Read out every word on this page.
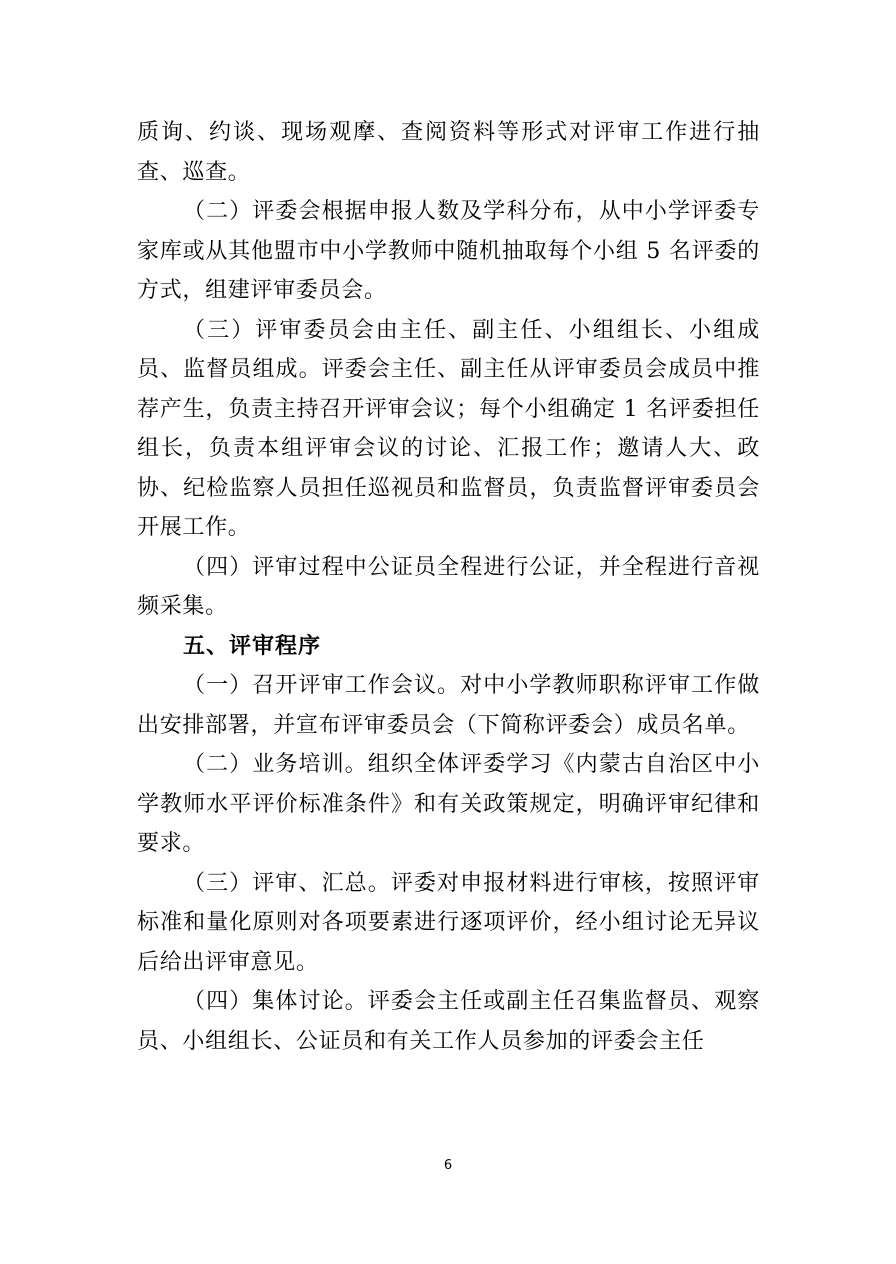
质询、约谈、现场观摩、查阅资料等形式对评审工作进行抽查、巡查。

（二）评委会根据申报人数及学科分布，从中小学评委专家库或从其他盟市中小学教师中随机抽取每个小组 5 名评委的方式，组建评审委员会。

（三）评审委员会由主任、副主任、小组组长、小组成员、监督员组成。评委会主任、副主任从评审委员会成员中推荐产生，负责主持召开评审会议；每个小组确定 1 名评委担任组长，负责本组评审会议的讨论、汇报工作；邀请人大、政协、纪检监察人员担任巡视员和监督员，负责监督评审委员会开展工作。

（四）评审过程中公证员全程进行公证，并全程进行音视频采集。

五、评审程序

（一）召开评审工作会议。对中小学教师职称评审工作做出安排部署，并宣布评审委员会（下简称评委会）成员名单。

（二）业务培训。组织全体评委学习《内蒙古自治区中小学教师水平评价标准条件》和有关政策规定，明确评审纪律和要求。

（三）评审、汇总。评委对申报材料进行审核，按照评审标准和量化原则对各项要素进行逐项评价，经小组讨论无异议后给出评审意见。

（四）集体讨论。评委会主任或副主任召集监督员、观察员、小组组长、公证员和有关工作人员参加的评委会主任

6
